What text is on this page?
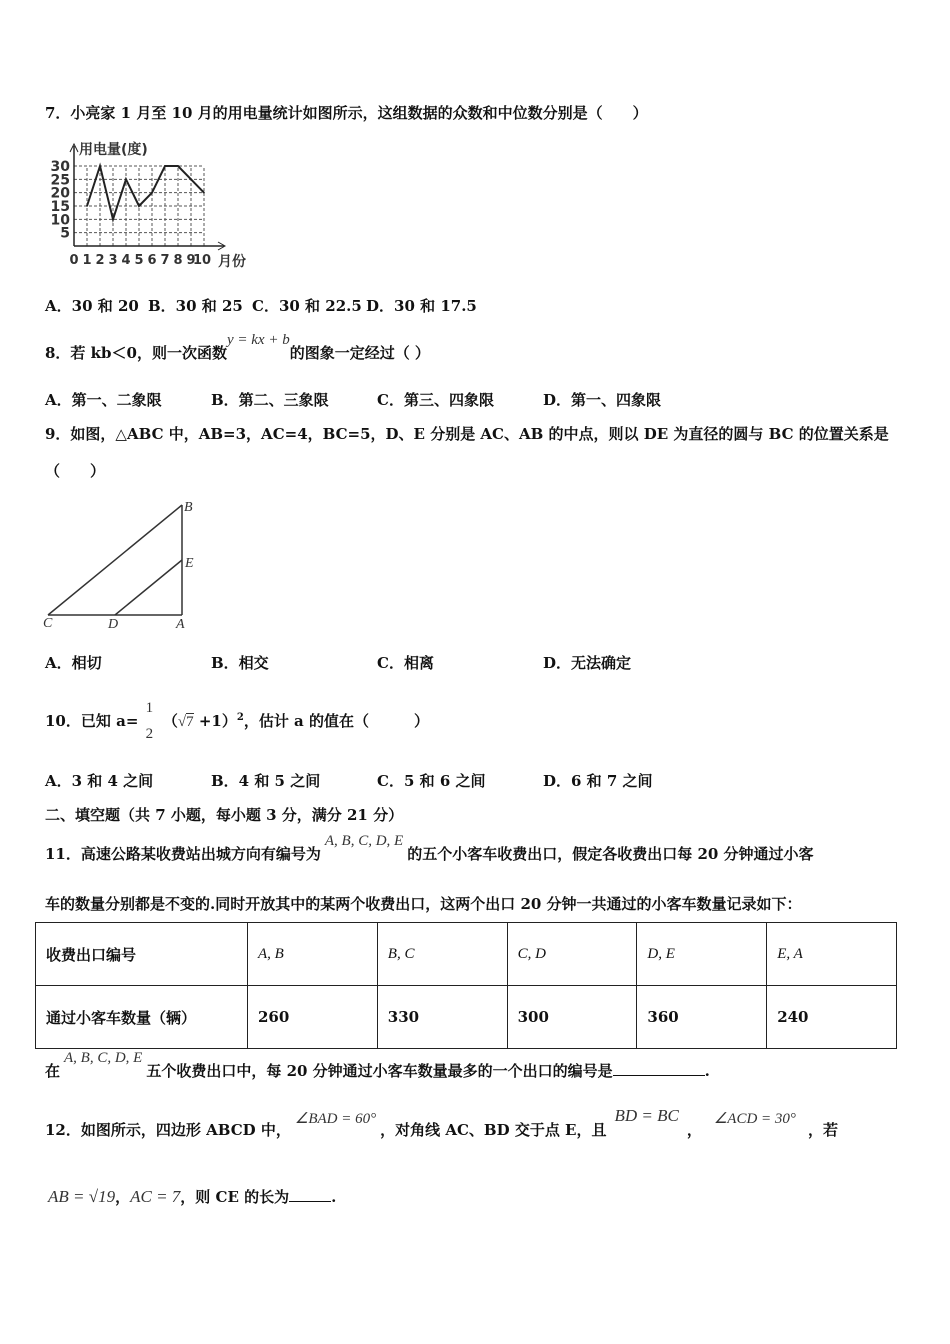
7．小亮家 1 月至 10 月的用电量统计如图所示，这组数据的众数和中位数分别是（　　）
5
10
15
20
25
30
0 1 2 3 4 5 6 7 8 9
10
用电量(度)
月份
A．30 和 20 B．30 和 25 C．30 和 22.5 D．30 和 17.5
8．若 kb＜0，则一次函数y = kx + b的图象一定经过（ ）
A．第一、二象限	B．第二、三象限	C．第三、四象限	D．第一、四象限
9．如图，△ABC 中，AB=3，AC=4，BC=5，D、E 分别是 AC、AB 的中点，则以 DE 为直径的圆与 BC 的位置关系是
（　　）
B
E
C	D	A
A．相切	B．相交	C．相离	D．无法确定
10．已知 a=
1
2
$(√7 +1)^2$，估计 a 的值在（　　　）
A．3 和 4 之间	B．4 和 5 之间	C．5 和 6 之间	D．6 和 7 之间
二、填空题（共 7 小题，每小题 3 分，满分 21 分）
11．高速公路某收费站出城方向有编号为A, B, C, D, E的五个小客车收费出口，假定各收费出口每 20 分钟通过小客
车的数量分别都是不变的.同时开放其中的某两个收费出口，这两个出口 20 分钟一共通过的小客车数量记录如下：
收费出口编号	A, B	B, C	C, D	D, E	E, A
通过小客车数量（辆）	260	330	300	360	240
在A, B, C, D, E五个收费出口中，每 20 分钟通过小客车数量最多的一个出口的编号是	.
12．如图所示，四边形 ABCD 中，∠BAD = 60°，对角线 AC、BD 交于点 E，且BD = BC，∠ACD = 30°，若
AB = √19，AC = 7，则 CE 的长为	.
